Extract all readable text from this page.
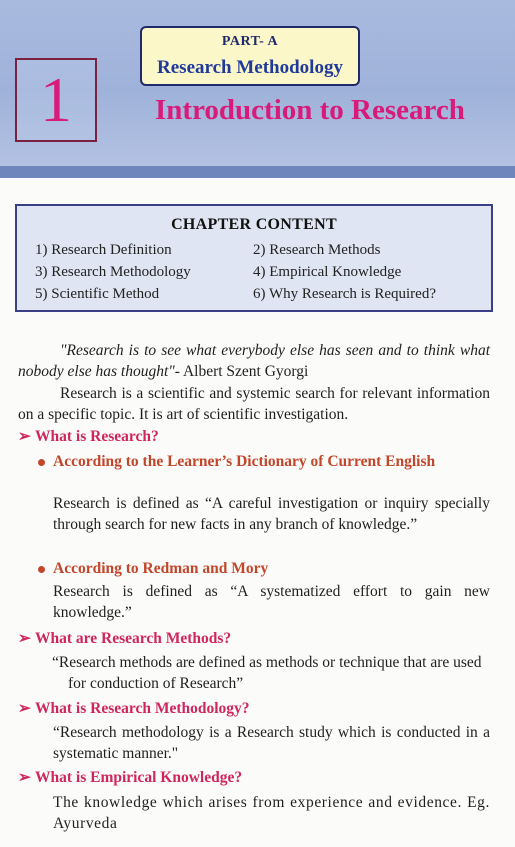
PART- A
Research Methodology
1	Introduction to Research
CHAPTER CONTENT
1) Research Definition	2) Research Methods
3) Research Methodology	4) Empirical Knowledge
5) Scientific Method	6) Why Research is Required?
"Research is to see what everybody else has seen and to think what nobody else has thought"- Albert Szent Gyorgi
Research is a scientific and systemic search for relevant information on a specific topic. It is art of scientific investigation.
➢ What is Research?
According to the Learner’s Dictionary of Current English
Research is defined as “A careful investigation or inquiry specially through search for new facts in any branch of knowledge.”
According to Redman and Mory
Research is defined as “A systematized effort to gain new knowledge.”
➢ What are Research Methods?
“Research methods are defined as methods or technique that are used for conduction of Research”
➢ What is Research Methodology?
“Research methodology is a Research study which is conducted in a systematic manner."
➢ What is Empirical Knowledge?
The knowledge which arises from experience and evidence. Eg. Ayurveda
